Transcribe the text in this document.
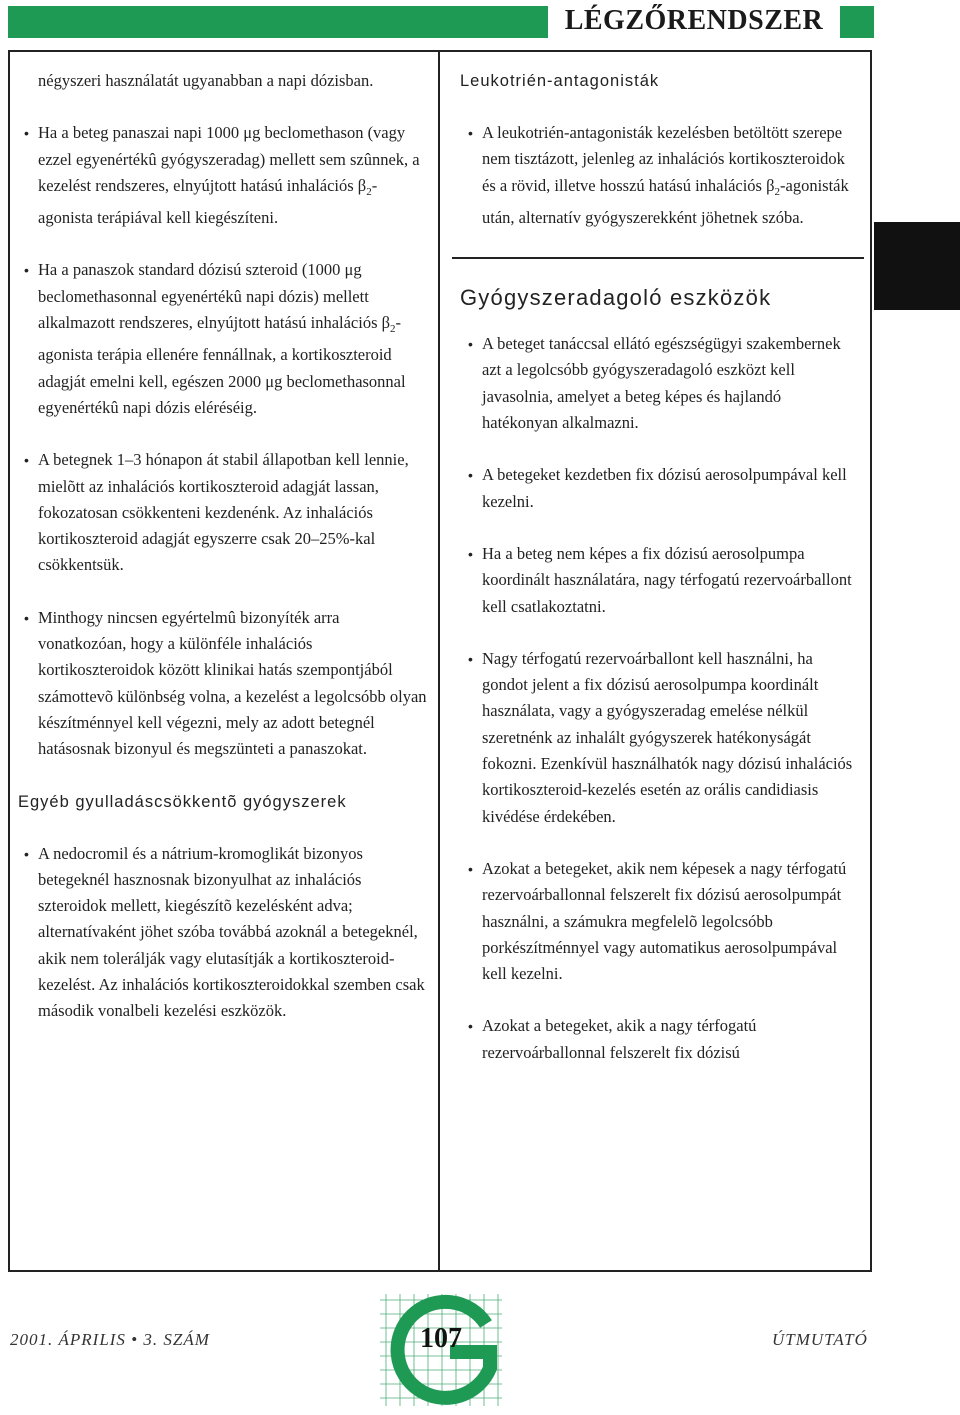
LÉGZŐRENDSZER

négyszeri használatát ugyanabban a napi dózisban.

• Ha a beteg panaszai napi 1000 μg beclomethason (vagy ezzel egyenértékû gyógyszeradag) mellett sem szûnnek, a kezelést rendszeres, elnyújtott hatású inhalációs $\beta_2$-agonista terápiával kell kiegészíteni.

• Ha a panaszok standard dózisú szteroid (1000 μg beclomethasonnal egyenértékû napi dózis) mellett alkalmazott rendszeres, elnyújtott hatású inhalációs $\beta_2$-agonista terápia ellenére fennállnak, a kortikoszteroid adagját emelni kell, egészen 2000 μg beclomethasonnal egyenértékû napi dózis eléréséig.

• A betegnek 1–3 hónapon át stabil állapotban kell lennie, mielõtt az inhalációs kortikoszteroid adagját lassan, fokozatosan csökkenteni kezdenénk. Az inhalációs kortikoszteroid adagját egyszerre csak 20–25%-kal csökkentsük.

• Minthogy nincsen egyértelmû bizonyíték arra vonatkozóan, hogy a különféle inhalációs kortikoszteroidok között klinikai hatás szempontjából számottevõ különbség volna, a kezelést a legolcsóbb olyan készítménnyel kell végezni, mely az adott betegnél hatásosnak bizonyul és megszünteti a panaszokat.

Egyéb gyulladáscsökkentõ gyógyszerek

• A nedocromil és a nátrium-kromoglikát bizonyos betegeknél hasznosnak bizonyulhat az inhalációs szteroidok mellett, kiegészítõ kezelésként adva; alternatívaként jöhet szóba továbbá azoknál a betegeknél, akik nem tolerálják vagy elutasítják a kortikoszteroid-kezelést. Az inhalációs kortikoszteroidokkal szemben csak második vonalbeli kezelési eszközök.

Leukotrién-antagonisták

• A leukotrién-antagonisták kezelésben betöltött szerepe nem tisztázott, jelenleg az inhalációs kortikoszteroidok és a rövid, illetve hosszú hatású inhalációs $\beta_2$-agonisták után, alternatív gyógyszerekként jöhetnek szóba.

Gyógyszeradagoló eszközök

• A beteget tanáccsal ellátó egészségügyi szakembernek azt a legolcsóbb gyógyszeradagoló eszközt kell javasolnia, amelyet a beteg képes és hajlandó hatékonyan alkalmazni.

• A betegeket kezdetben fix dózisú aerosolpumpával kell kezelni.

• Ha a beteg nem képes a fix dózisú aerosolpumpa koordinált használatára, nagy térfogatú rezervoárballont kell csatlakoztatni.

• Nagy térfogatú rezervoárballont kell használni, ha gondot jelent a fix dózisú aerosolpumpa koordinált használata, vagy a gyógyszeradag emelése nélkül szeretnénk az inhalált gyógyszerek hatékonyságát fokozni. Ezenkívül használhatók nagy dózisú inhalációs kortikoszteroid-kezelés esetén az orális candidiasis kivédése érdekében.

• Azokat a betegeket, akik nem képesek a nagy térfogatú rezervoárballonnal felszerelt fix dózisú aerosolpumpát használni, a számukra megfelelõ legolcsóbb porkészítménnyel vagy automatikus aerosolpumpával kell kezelni.

• Azokat a betegeket, akik a nagy térfogatú rezervoárballonnal felszerelt fix dózisú

2001. ÁPRILIS • 3. SZÁM	107	ÚTMUTATÓ
